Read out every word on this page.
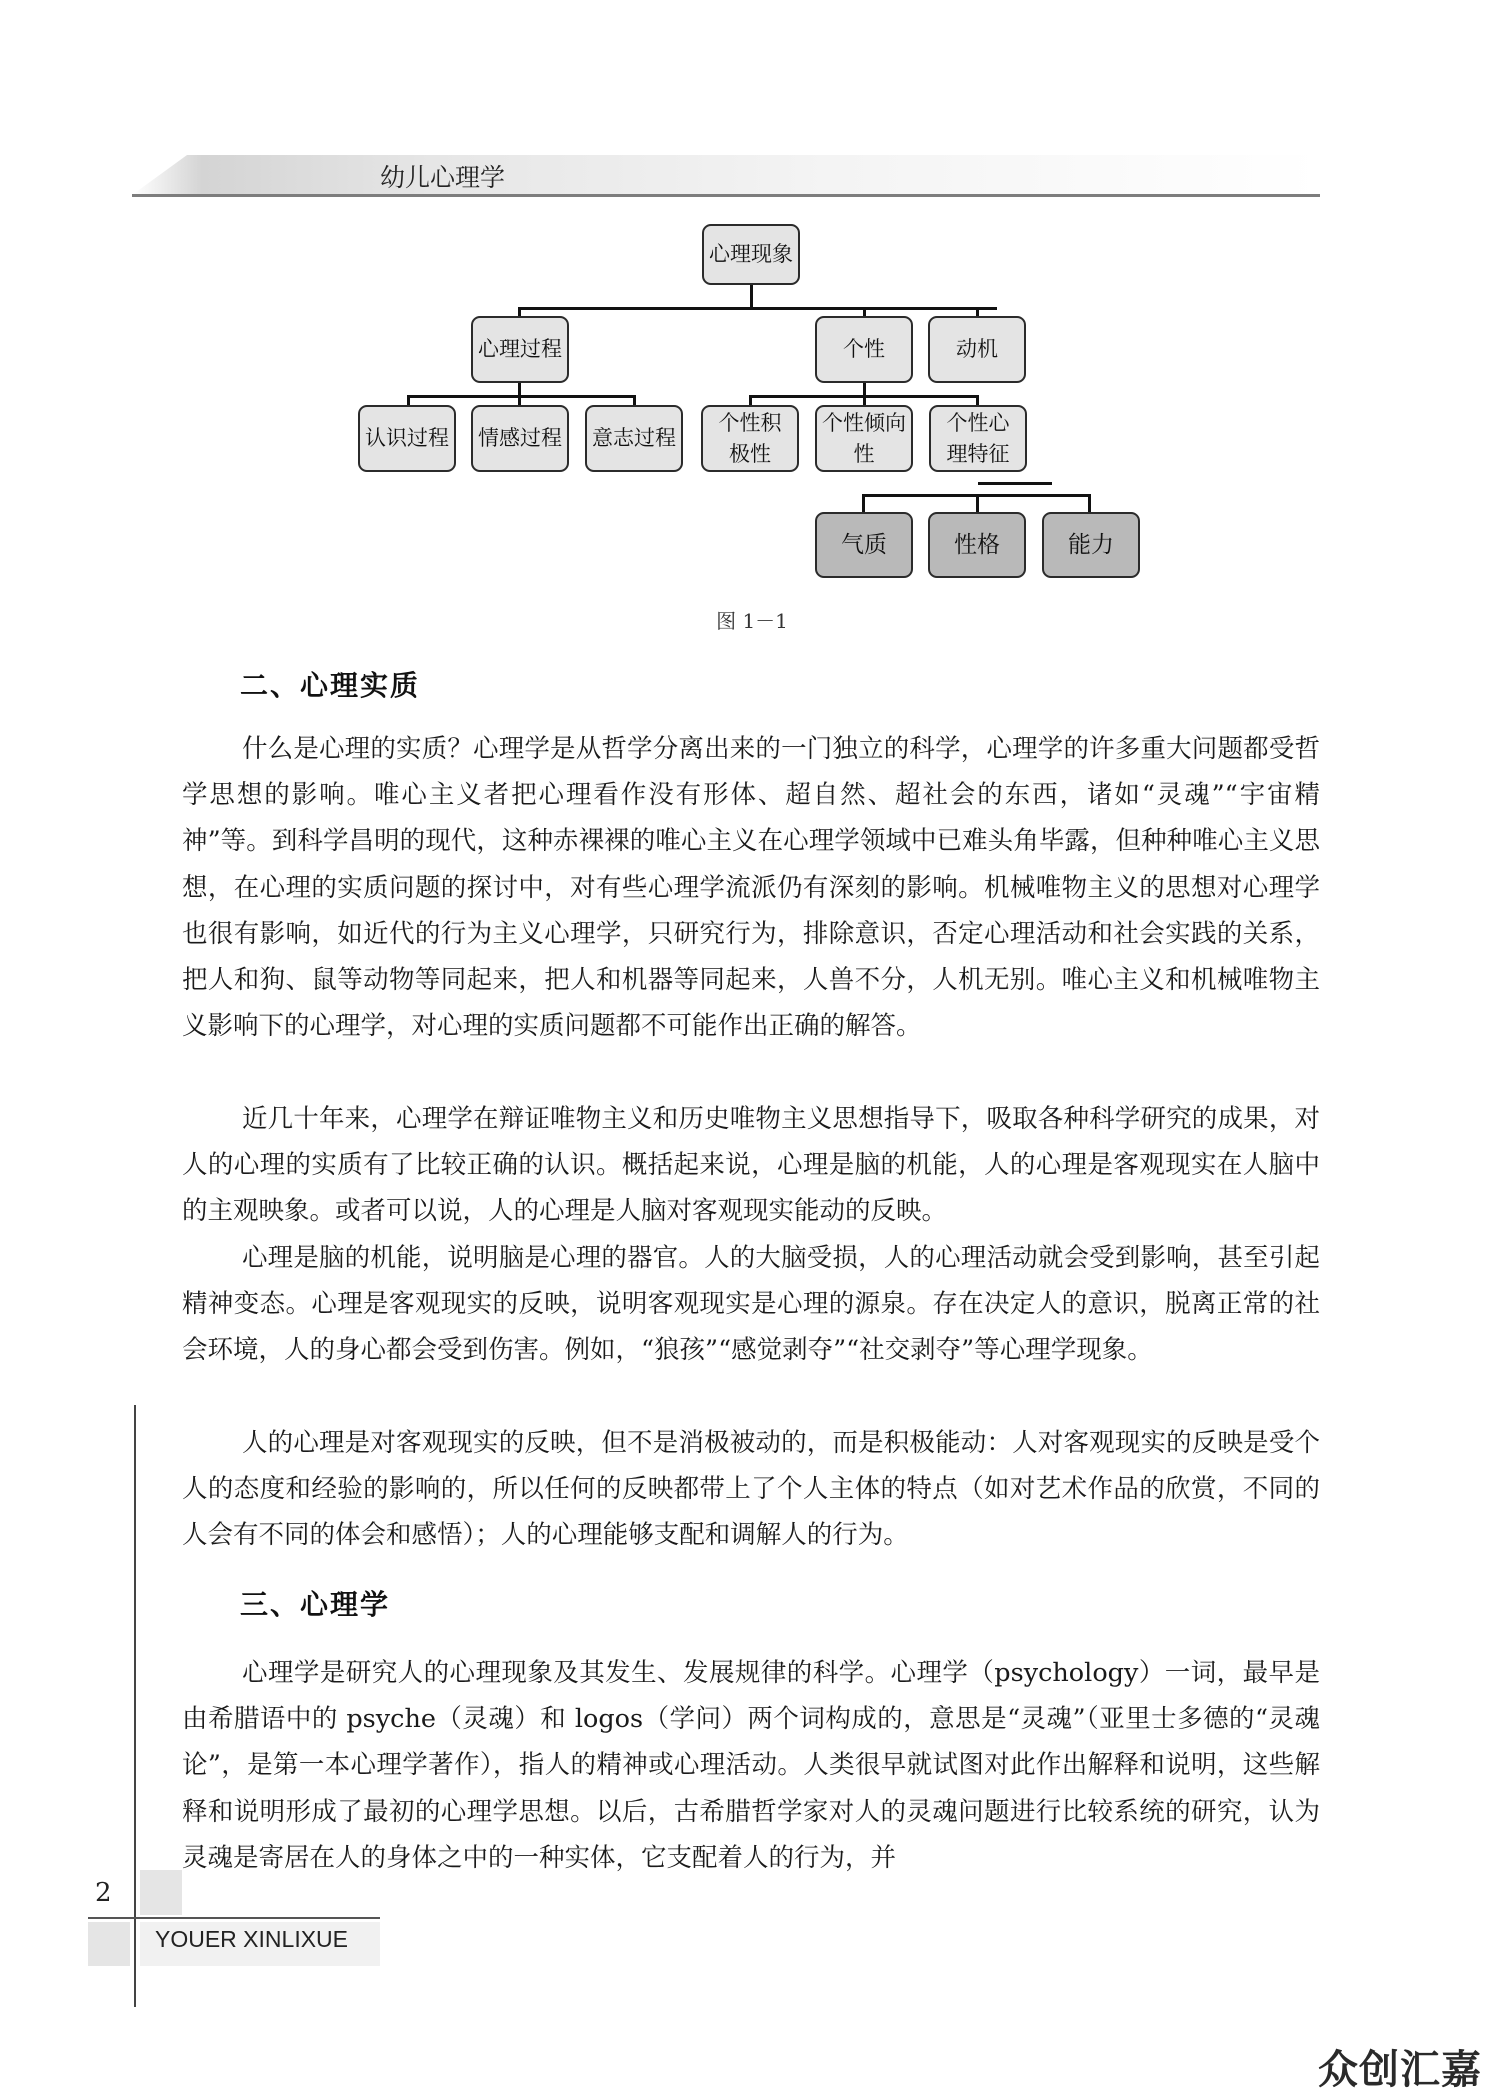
幼儿心理学
心理现象
心理过程	个性	动机
认识过程	情感过程	意志过程
个性积
极性
个性倾向
性
个性心
理特征
气质	性格	能力
图 1－1
二、心理实质

什么是心理的实质？心理学是从哲学分离出来的一门独立的科学，心理学的许多重大问题都受哲学思想的影响。唯心主义者把心理看作没有形体、超自然、超社会的东西，诸如“灵魂”“宇宙精神”等。到科学昌明的现代，这种赤裸裸的唯心主义在心理学领域中已难头角毕露，但种种唯心主义思想，在心理的实质问题的探讨中，对有些心理学流派仍有深刻的影响。机械唯物主义的思想对心理学也很有影响，如近代的行为主义心理学，只研究行为，排除意识，否定心理活动和社会实践的关系，把人和狗、鼠等动物等同起来，把人和机器等同起来，人兽不分，人机无别。唯心主义和机械唯物主义影响下的心理学，对心理的实质问题都不可能作出正确的解答。

近几十年来，心理学在辩证唯物主义和历史唯物主义思想指导下，吸取各种科学研究的成果，对人的心理的实质有了比较正确的认识。概括起来说，心理是脑的机能，人的心理是客观现实在人脑中的主观映象。或者可以说，人的心理是人脑对客观现实能动的反映。

心理是脑的机能，说明脑是心理的器官。人的大脑受损，人的心理活动就会受到影响，甚至引起精神变态。心理是客观现实的反映，说明客观现实是心理的源泉。存在决定人的意识，脱离正常的社会环境，人的身心都会受到伤害。例如，“狼孩”“感觉剥夺”“社交剥夺”等心理学现象。

人的心理是对客观现实的反映，但不是消极被动的，而是积极能动：人对客观现实的反映是受个人的态度和经验的影响的，所以任何的反映都带上了个人主体的特点（如对艺术作品的欣赏，不同的人会有不同的体会和感悟）；人的心理能够支配和调解人的行为。

三、心理学

心理学是研究人的心理现象及其发生、发展规律的科学。心理学（psychology）一词，最早是由希腊语中的 psyche（灵魂）和 logos（学问）两个词构成的，意思是“灵魂”（亚里士多德的“灵魂论”，是第一本心理学著作），指人的精神或心理活动。人类很早就试图对此作出解释和说明，这些解释和说明形成了最初的心理学思想。以后，古希腊哲学家对人的灵魂问题进行比较系统的研究，认为灵魂是寄居在人的身体之中的一种实体，它支配着人的行为，并

2
YOUER XINLIXUE
众创汇嘉
